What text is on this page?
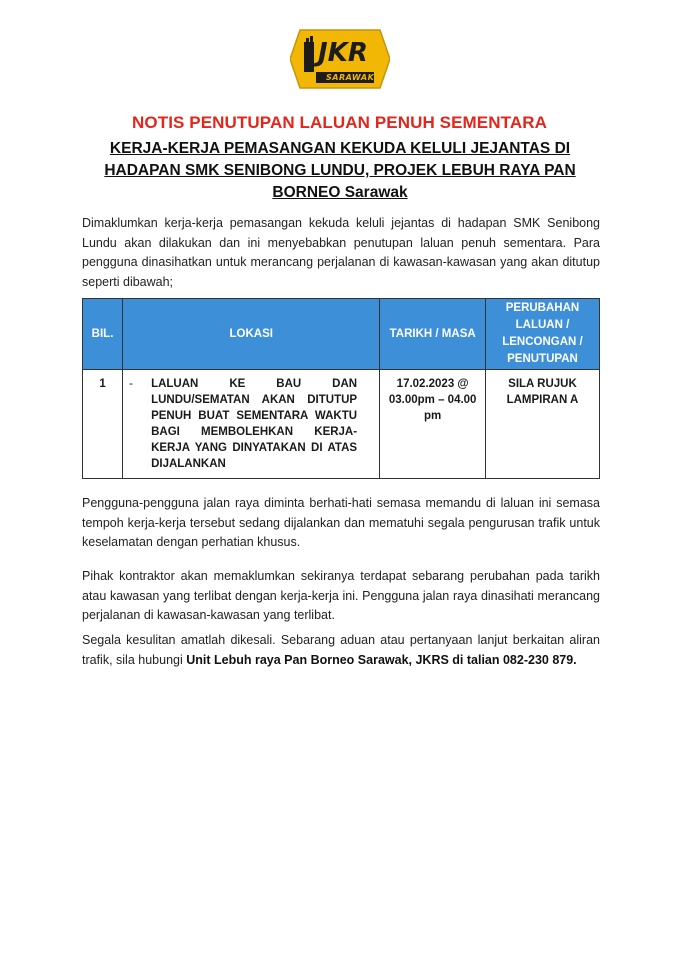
JKR
SARAWAK
NOTIS PENUTUPAN LALUAN PENUH SEMENTARA
KERJA-KERJA PEMASANGAN KEKUDA KELULI JEJANTAS DI HADAPAN SMK SENIBONG LUNDU, PROJEK LEBUH RAYA PAN BORNEO Sarawak
Dimaklumkan kerja-kerja pemasangan kekuda keluli jejantas di hadapan SMK Senibong Lundu akan dilakukan dan ini menyebabkan penutupan laluan penuh sementara. Para pengguna dinasihatkan untuk merancang perjalanan di kawasan-kawasan yang akan ditutup seperti dibawah;
BIL.	LOKASI	TARIKH / MASA	PERUBAHAN LALUAN / LENCONGAN / PENUTUPAN
1	- LALUAN KE BAU DAN LUNDU/SEMATAN AKAN DITUTUP PENUH BUAT SEMENTARA WAKTU BAGI MEMBOLEHKAN KERJA-KERJA YANG DINYATAKAN DI ATAS DIJALANKAN	17.02.2023 @ 03.00pm – 04.00 pm	SILA RUJUK LAMPIRAN A
Pengguna-pengguna jalan raya diminta berhati-hati semasa memandu di laluan ini semasa tempoh kerja-kerja tersebut sedang dijalankan dan mematuhi segala pengurusan trafik untuk keselamatan dengan perhatian khusus.
Pihak kontraktor akan memaklumkan sekiranya terdapat sebarang perubahan pada tarikh atau kawasan yang terlibat dengan kerja-kerja ini. Pengguna jalan raya dinasihati merancang perjalanan di kawasan-kawasan yang terlibat.
Segala kesulitan amatlah dikesali. Sebarang aduan atau pertanyaan lanjut berkaitan aliran trafik, sila hubungi Unit Lebuh raya Pan Borneo Sarawak, JKRS di talian 082-230 879.
